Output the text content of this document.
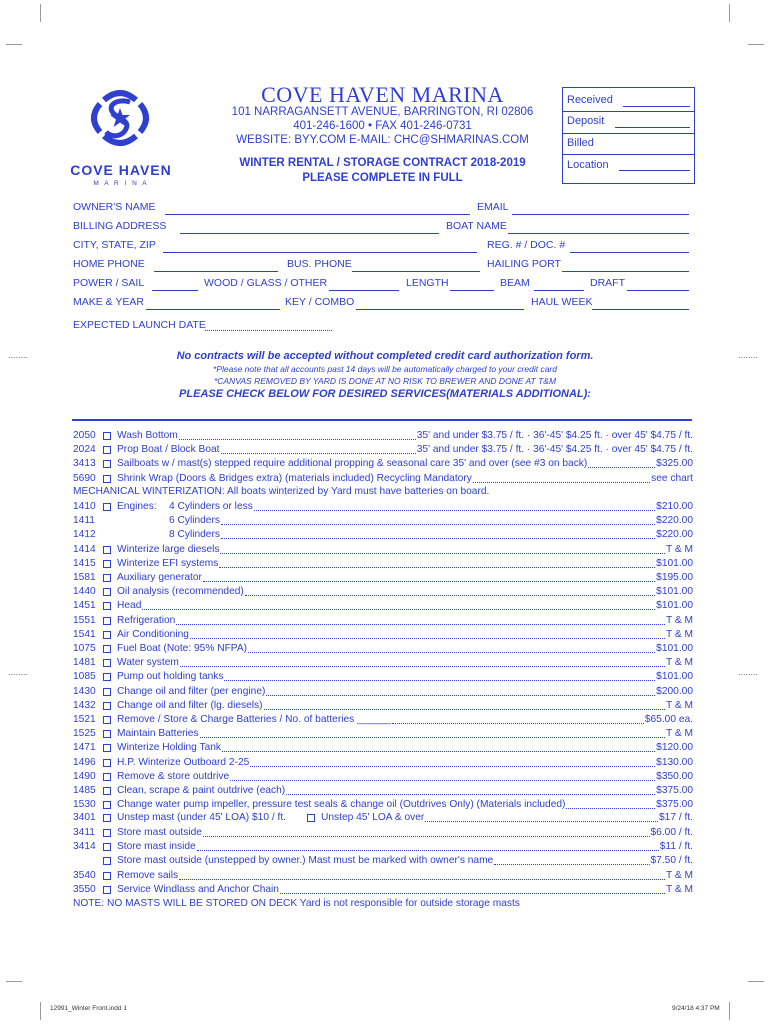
........	........
........	........
COVE HAVEN
M A R I N A
COVE HAVEN MARINA
101 NARRAGANSETT AVENUE, BARRINGTON, RI 02806
401-246-1600 • FAX 401-246-0731
WEBSITE: BYY.COM E-MAIL: CHC@SHMARINAS.COM
WINTER RENTAL / STORAGE CONTRACT 2018-2019
PLEASE COMPLETE IN FULL
Received
Deposit
Billed
Location
OWNER'S NAME	EMAIL
BILLING ADDRESS	BOAT NAME
CITY, STATE, ZIP	REG. # / DOC. #
HOME PHONE	BUS. PHONE	HAILING PORT
POWER / SAIL	WOOD / GLASS / OTHER	LENGTH	BEAM	DRAFT
MAKE & YEAR	KEY / COMBO	HAUL WEEK
EXPECTED LAUNCH DATE
No contracts will be accepted without completed credit card authorization form.
*Please note that all accounts past 14 days will be automatically charged to your credit card
*CANVAS REMOVED BY YARD IS DONE AT NO RISK TO BREWER AND DONE AT T&M
PLEASE CHECK BELOW FOR DESIRED SERVICES(MATERIALS ADDITIONAL):
2050	Wash Bottom	35' and under $3.75 / ft. · 36'-45' $4.25 ft. · over 45' $4.75 / ft.
2024	Prop Boat / Block Boat	35' and under $3.75 / ft. · 36'-45' $4.25 ft. · over 45' $4.75 / ft.
3413	Sailboats w / mast(s) stepped require additional propping & seasonal care 35' and over (see #3 on back)	$325.00
5690	Shrink Wrap (Doors & Bridges extra) (materials included) Recycling Mandatory	see chart
MECHANICAL WINTERIZATION: All boats winterized by Yard must have batteries on board.
1410	Engines:	4 Cylinders or less	$210.00
1411	6 Cylinders	$220.00
1412	8 Cylinders	$220.00
1414	Winterize large diesels	T & M
1415	Winterize EFI systems	$101.00
1581	Auxiliary generator	$195.00
1440	Oil analysis (recommended)	$101.00
1451	Head	$101.00
1551	Refrigeration	T & M
1541	Air Conditioning	T & M
1075	Fuel Boat (Note: 95% NFPA)	$101.00
1481	Water system	T & M
1085	Pump out holding tanks	$101.00
1430	Change oil and filter (per engine)	$200.00
1432	Change oil and filter (lg. diesels)	T & M
1521	Remove / Store & Charge Batteries / No. of batteries ______	$65.00 ea.
1525	Maintain Batteries	T & M
1471	Winterize Holding Tank	$120.00
1496	H.P. Winterize Outboard 2-25	$130.00
1490	Remove & store outdrive	$350.00
1485	Clean, scrape & paint outdrive (each)	$375.00
1530	Change water pump impeller, pressure test seals & change oil (Outdrives Only) (Materials included)	$375.00
3401	Unstep mast (under 45' LOA) $10 / ft.	Unstep 45' LOA & over	$17 / ft.
3411	Store mast outside	$6.00 / ft.
3414	Store mast inside	$11 / ft.
Store mast outside (unstepped by owner.) Mast must be marked with owner's name	$7.50 / ft.
3540	Remove sails	T & M
3550	Service Windlass and Anchor Chain	T & M
NOTE: NO MASTS WILL BE STORED ON DECK Yard is not responsible for outside storage masts
12991_Winter Front.indd 1	9/24/18 4:37 PM
